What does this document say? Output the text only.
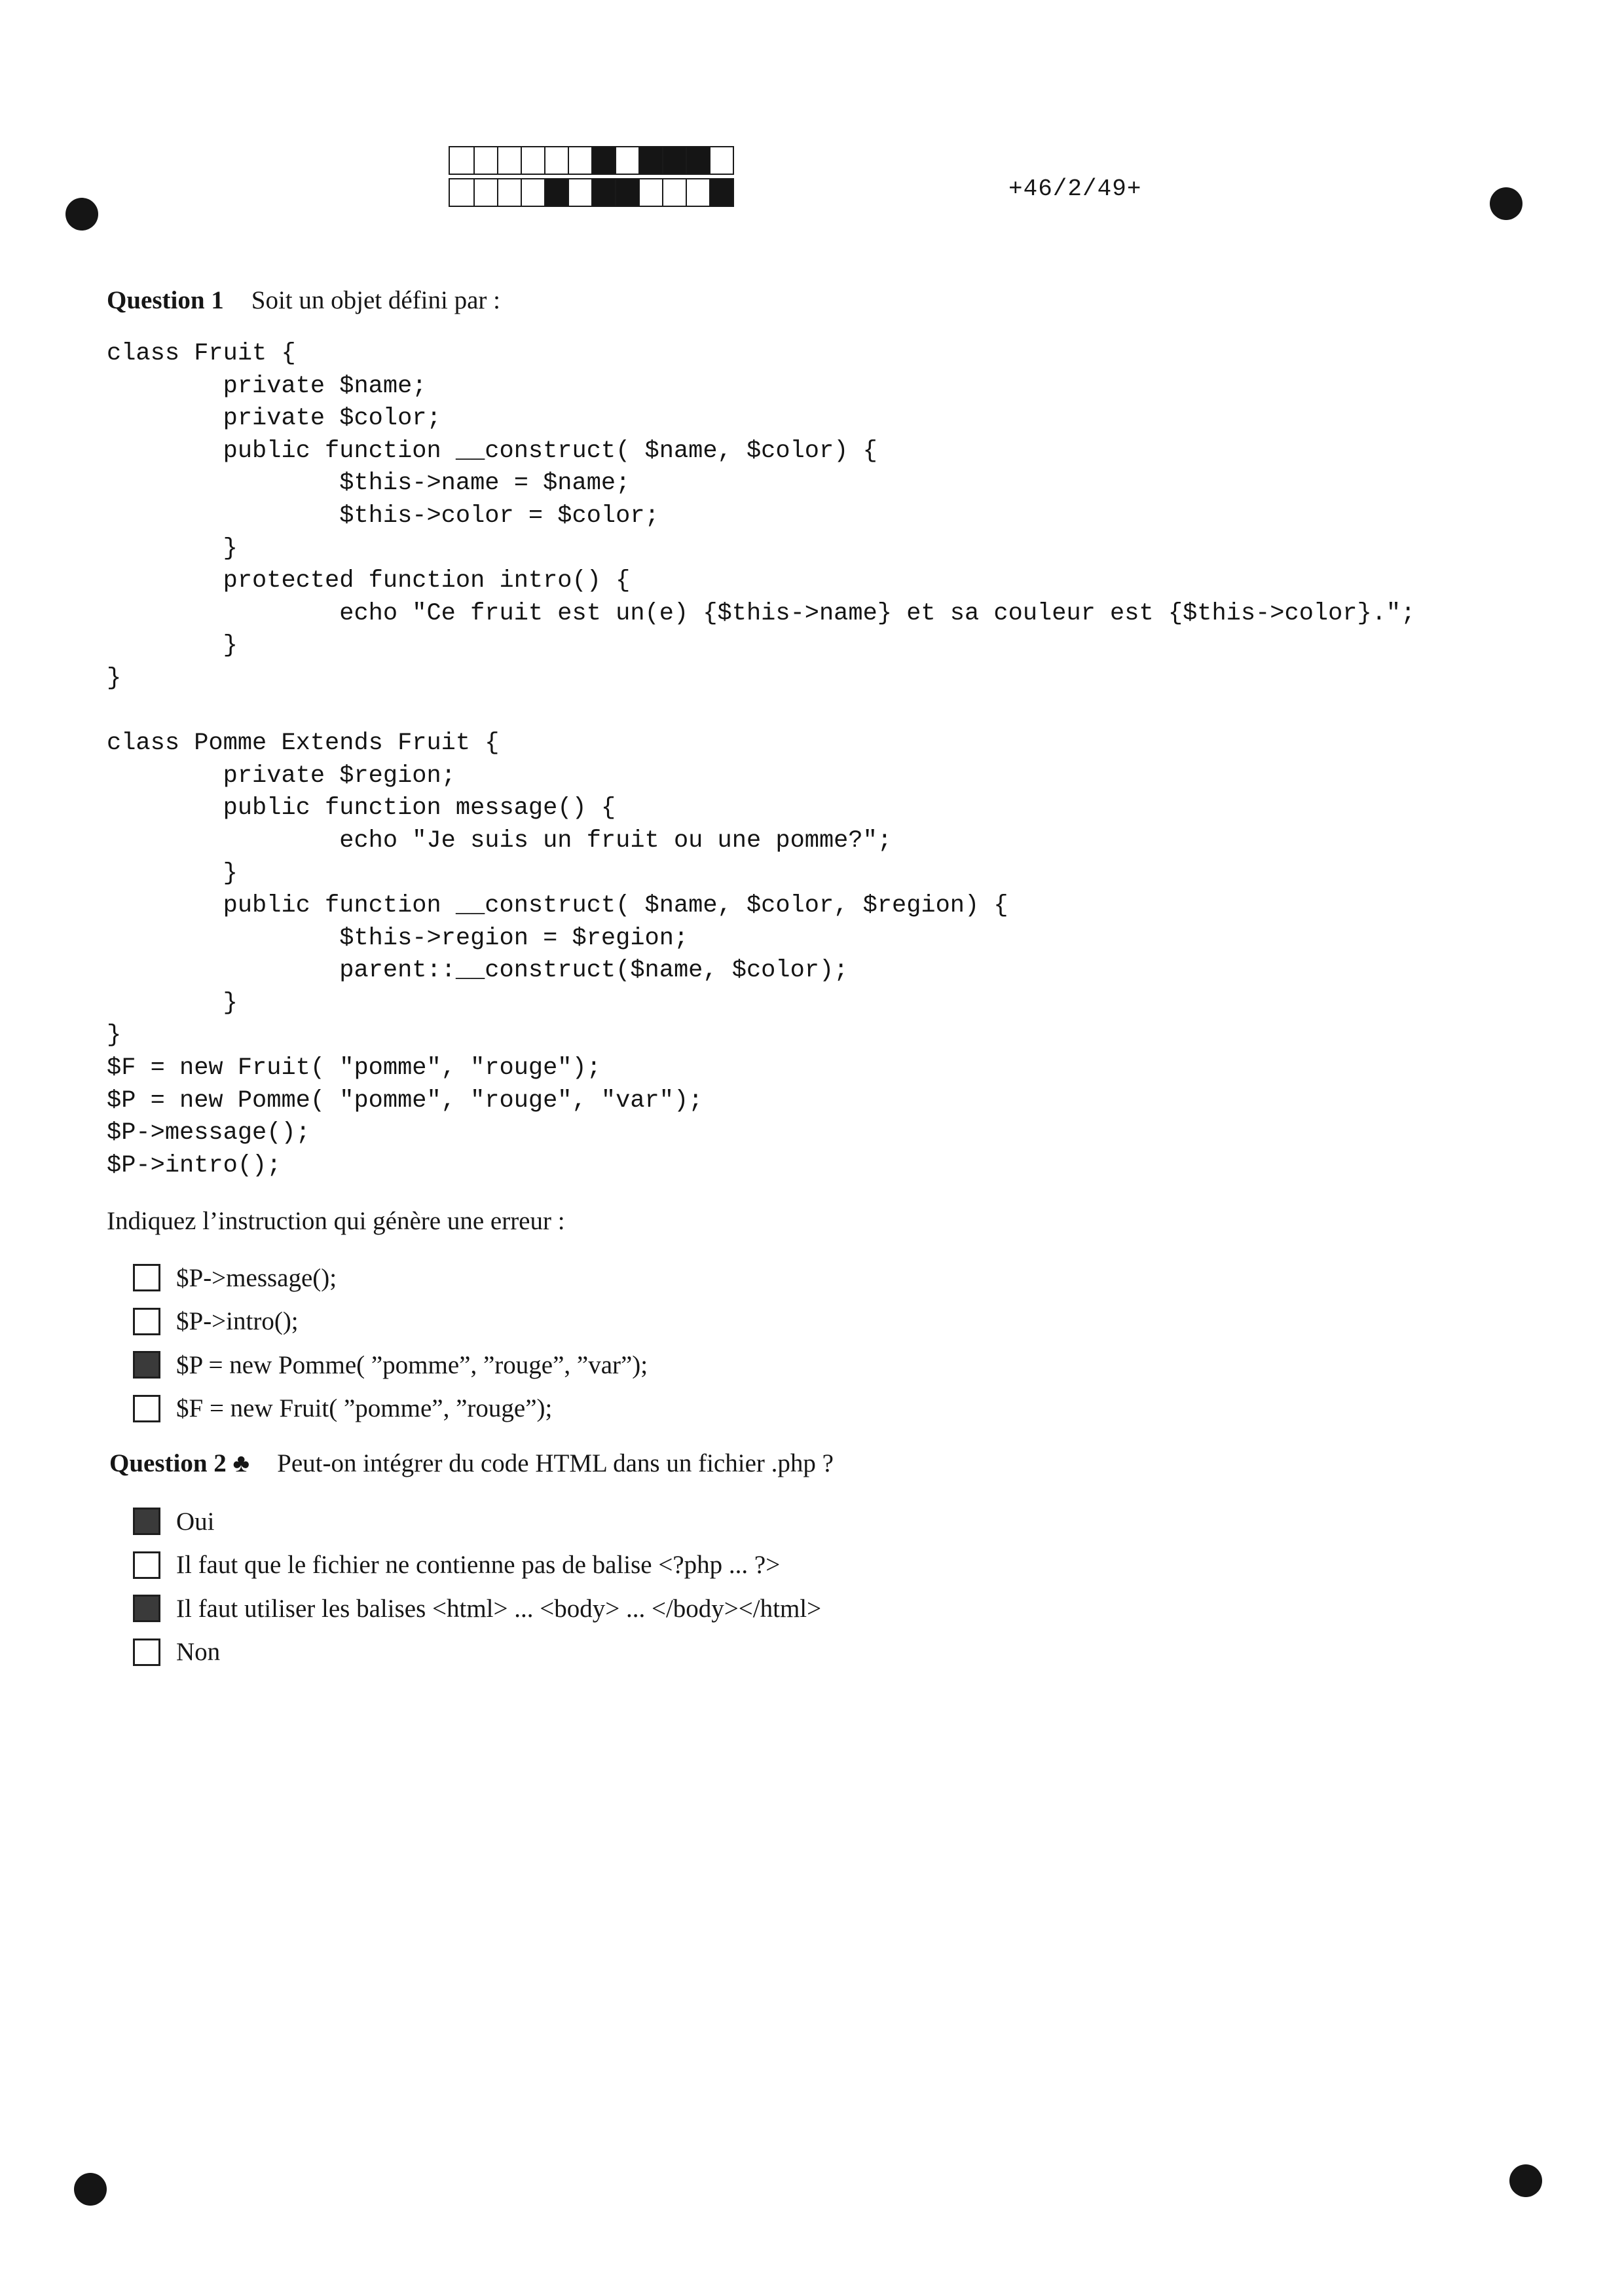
+46/2/49+
Question 1 Soit un objet défini par :
class Fruit {
private $name;
private $color;
public function __construct( $name, $color) {
$this->name = $name;
$this->color = $color;
}
protected function intro() {
echo "Ce fruit est un(e) {$this->name} et sa couleur est {$this->color}.";
}
}

class Pomme Extends Fruit {
private $region;
public function message() {
echo "Je suis un fruit ou une pomme?";
}
public function __construct( $name, $color, $region) {
$this->region = $region;
parent::__construct($name, $color);
}
}
$F = new Fruit( "pomme", "rouge");
$P = new Pomme( "pomme", "rouge", "var");
$P->message();
$P->intro();
Indiquez l’instruction qui génère une erreur :
$P->message();
$P->intro();
$P = new Pomme( ”pomme”, ”rouge”, ”var”);
$F = new Fruit( ”pomme”, ”rouge”);
Question 2 ♣ Peut-on intégrer du code HTML dans un fichier .php ?
Oui
Il faut que le fichier ne contienne pas de balise <?php ... ?>
Il faut utiliser les balises <html> ... <body> ... </body></html>
Non
